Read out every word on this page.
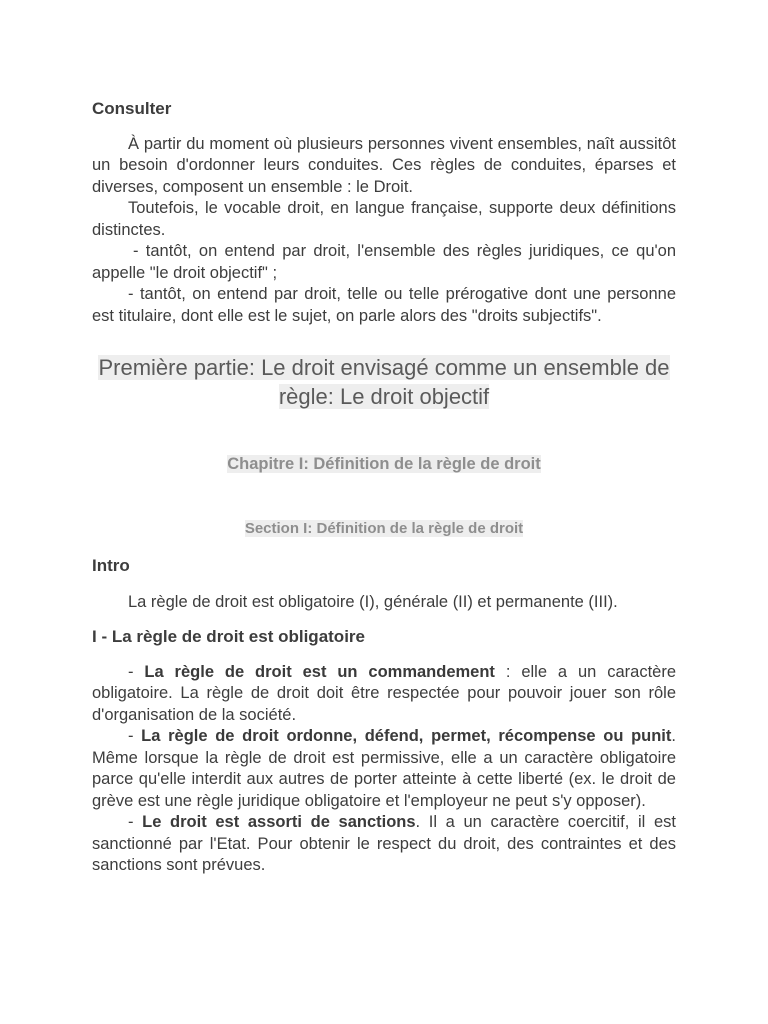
Consulter

À partir du moment où plusieurs personnes vivent ensembles, naît aussitôt un besoin d'ordonner leurs conduites. Ces règles de conduites, éparses et diverses, composent un ensemble : le Droit.

Toutefois, le vocable droit, en langue française, supporte deux définitions distinctes.

- tantôt, on entend par droit, l'ensemble des règles juridiques, ce qu'on appelle "le droit objectif" ;

- tantôt, on entend par droit, telle ou telle prérogative dont une personne est titulaire, dont elle est le sujet, on parle alors des "droits subjectifs".

Première partie: Le droit envisagé comme un ensemble de règle: Le droit objectif

Chapitre I: Définition de la règle de droit

Section I: Définition de la règle de droit

Intro

La règle de droit est obligatoire (I), générale (II) et permanente (III).

I - La règle de droit est obligatoire

- La règle de droit est un commandement : elle a un caractère obligatoire. La règle de droit doit être respectée pour pouvoir jouer son rôle d'organisation de la société.

- La règle de droit ordonne, défend, permet, récompense ou punit. Même lorsque la règle de droit est permissive, elle a un caractère obligatoire parce qu'elle interdit aux autres de porter atteinte à cette liberté (ex. le droit de grève est une règle juridique obligatoire et l'employeur ne peut s'y opposer).

- Le droit est assorti de sanctions. Il a un caractère coercitif, il est sanctionné par l'Etat. Pour obtenir le respect du droit, des contraintes et des sanctions sont prévues.
